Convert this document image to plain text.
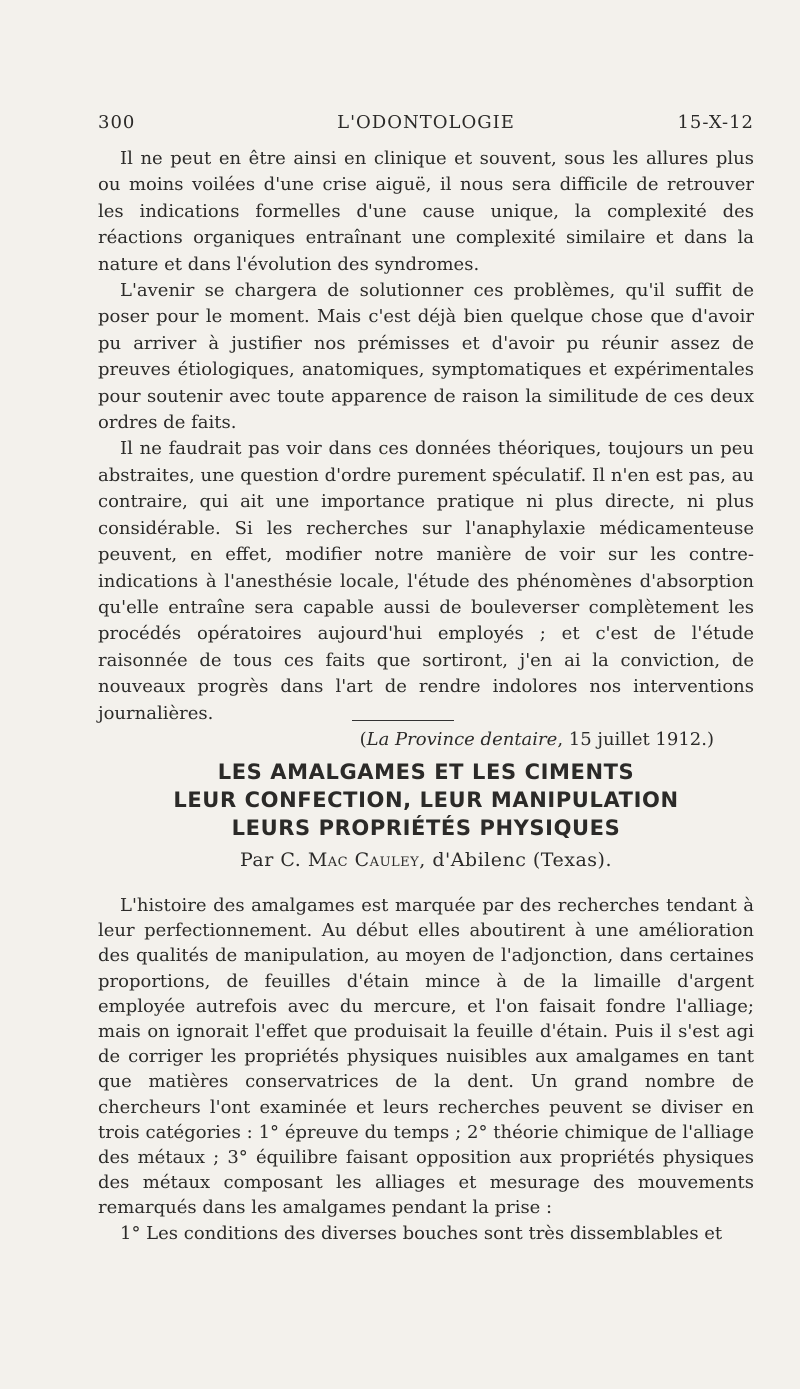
300	L'ODONTOLOGIE	15-X-12

Il ne peut en être ainsi en clinique et souvent, sous les allures plus ou moins voilées d'une crise aiguë, il nous sera difficile de retrouver les indications formelles d'une cause unique, la complexité des réactions organiques entraînant une complexité similaire et dans la nature et dans l'évolution des syndromes.

L'avenir se chargera de solutionner ces problèmes, qu'il suffit de poser pour le moment. Mais c'est déjà bien quelque chose que d'avoir pu arriver à justifier nos prémisses et d'avoir pu réunir assez de preuves étiologiques, anatomiques, symptomatiques et expérimentales pour soutenir avec toute apparence de raison la similitude de ces deux ordres de faits.

Il ne faudrait pas voir dans ces données théoriques, toujours un peu abstraites, une question d'ordre purement spéculatif. Il n'en est pas, au contraire, qui ait une importance pratique ni plus directe, ni plus considérable. Si les recherches sur l'anaphylaxie médicamenteuse peuvent, en effet, modifier notre manière de voir sur les contre-indications à l'anesthésie locale, l'étude des phénomènes d'absorption qu'elle entraîne sera capable aussi de bouleverser complètement les procédés opératoires aujourd'hui employés ; et c'est de l'étude raisonnée de tous ces faits que sortiront, j'en ai la conviction, de nouveaux progrès dans l'art de rendre indolores nos interventions journalières.

(La Province dentaire, 15 juillet 1912.)

LES AMALGAMES ET LES CIMENTS
LEUR CONFECTION, LEUR MANIPULATION
LEURS PROPRIÉTÉS PHYSIQUES
Par C. Mac Cauley, d'Abilenc (Texas).

L'histoire des amalgames est marquée par des recherches tendant à leur perfectionnement. Au début elles aboutirent à une amélioration des qualités de manipulation, au moyen de l'adjonction, dans certaines proportions, de feuilles d'étain mince à de la limaille d'argent employée autrefois avec du mercure, et l'on faisait fondre l'alliage; mais on ignorait l'effet que produisait la feuille d'étain. Puis il s'est agi de corriger les propriétés physiques nuisibles aux amalgames en tant que matières conservatrices de la dent. Un grand nombre de chercheurs l'ont examinée et leurs recherches peuvent se diviser en trois catégories : 1° épreuve du temps ; 2° théorie chimique de l'alliage des métaux ; 3° équilibre faisant opposition aux propriétés physiques des métaux composant les alliages et mesurage des mouvements remarqués dans les amalgames pendant la prise :

1° Les conditions des diverses bouches sont très dissemblables et
